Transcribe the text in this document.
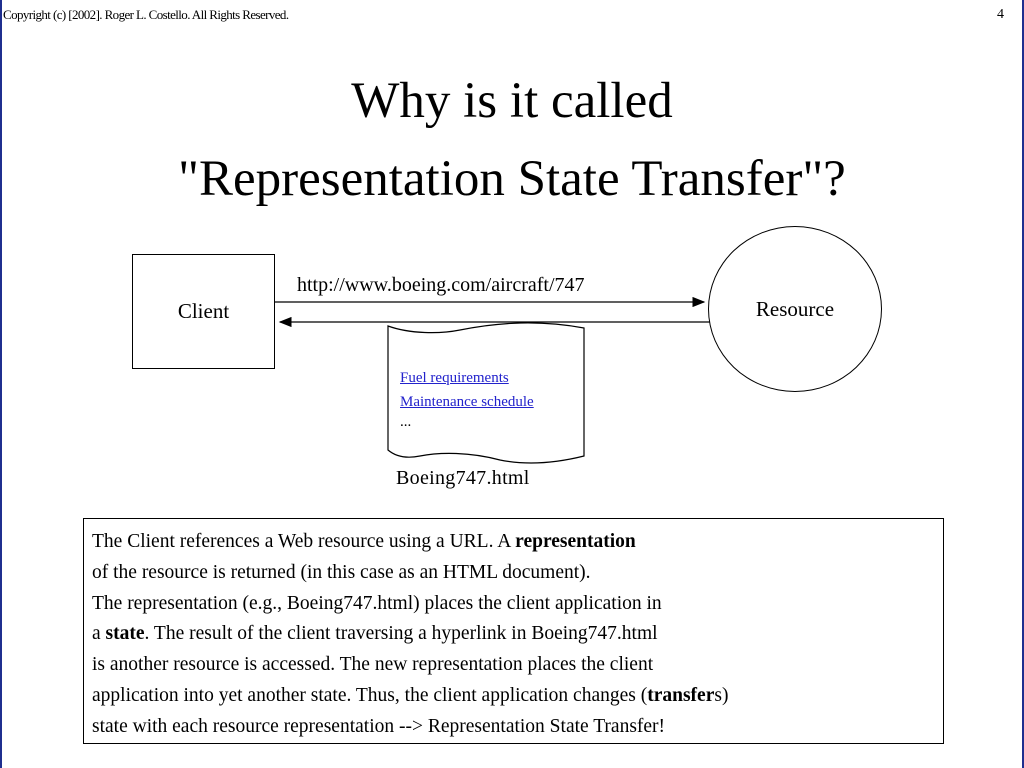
Copyright (c) [2002]. Roger L. Costello. All Rights Reserved.	4
Why is it called
"Representation State Transfer"?
Client	Resource
http://www.boeing.com/aircraft/747
Fuel requirements
Maintenance schedule
...
Boeing747.html
The Client references a Web resource using a URL. A representation
of the resource is returned (in this case as an HTML document).
The representation (e.g., Boeing747.html) places the client application in
a state. The result of the client traversing a hyperlink in Boeing747.html
is another resource is accessed. The new representation places the client
application into yet another state. Thus, the client application changes (transfers)
state with each resource representation --> Representation State Transfer!
